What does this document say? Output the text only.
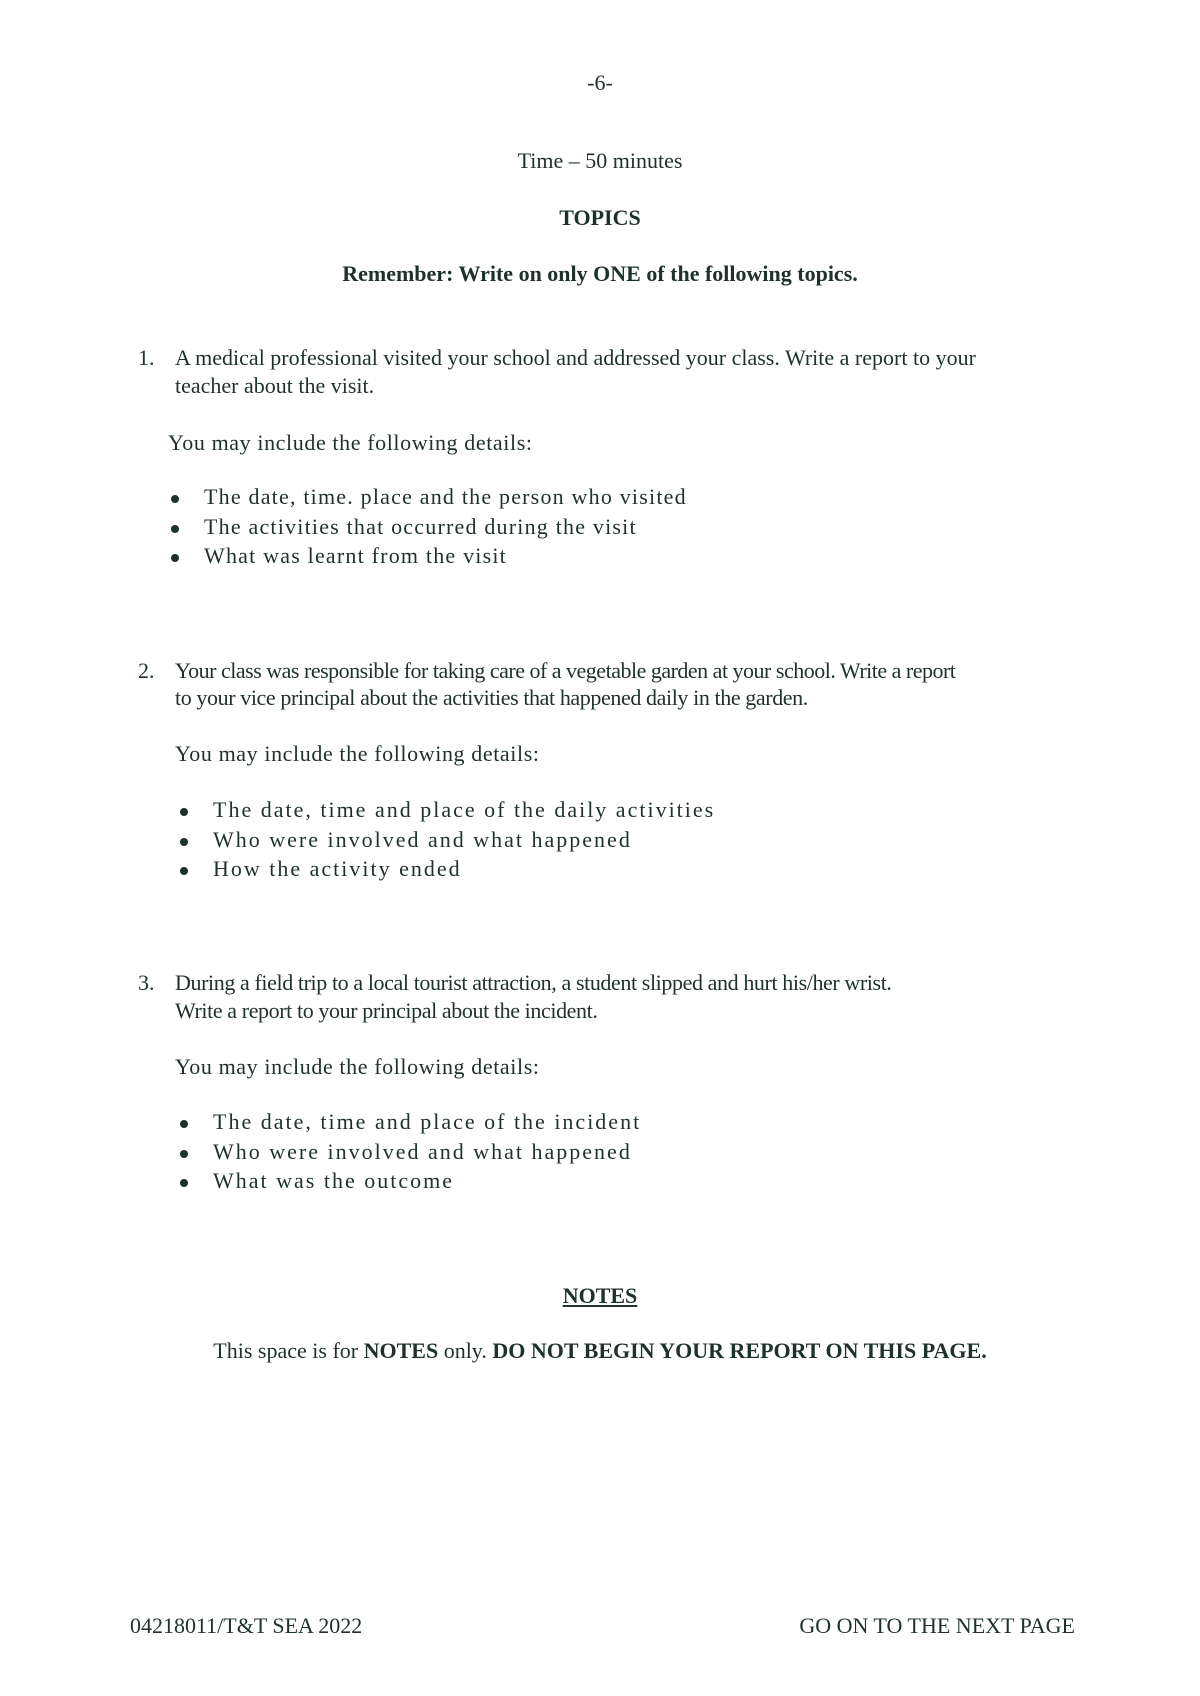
-6-
Time – 50 minutes
TOPICS
Remember: Write on only ONE of the following topics.
1. A medical professional visited your school and addressed your class. Write a report to your
teacher about the visit.
You may include the following details:
The date, time. place and the person who visited
The activities that occurred during the visit
What was learnt from the visit
2. Your class was responsible for taking care of a vegetable garden at your school. Write a report
to your vice principal about the activities that happened daily in the garden.
You may include the following details:
The date, time and place of the daily activities
Who were involved and what happened
How the activity ended
3. During a field trip to a local tourist attraction, a student slipped and hurt his/her wrist.
Write a report to your principal about the incident.
You may include the following details:
The date, time and place of the incident
Who were involved and what happened
What was the outcome
NOTES
This space is for NOTES only. DO NOT BEGIN YOUR REPORT ON THIS PAGE.
04218011/T&T SEA 2022	GO ON TO THE NEXT PAGE
